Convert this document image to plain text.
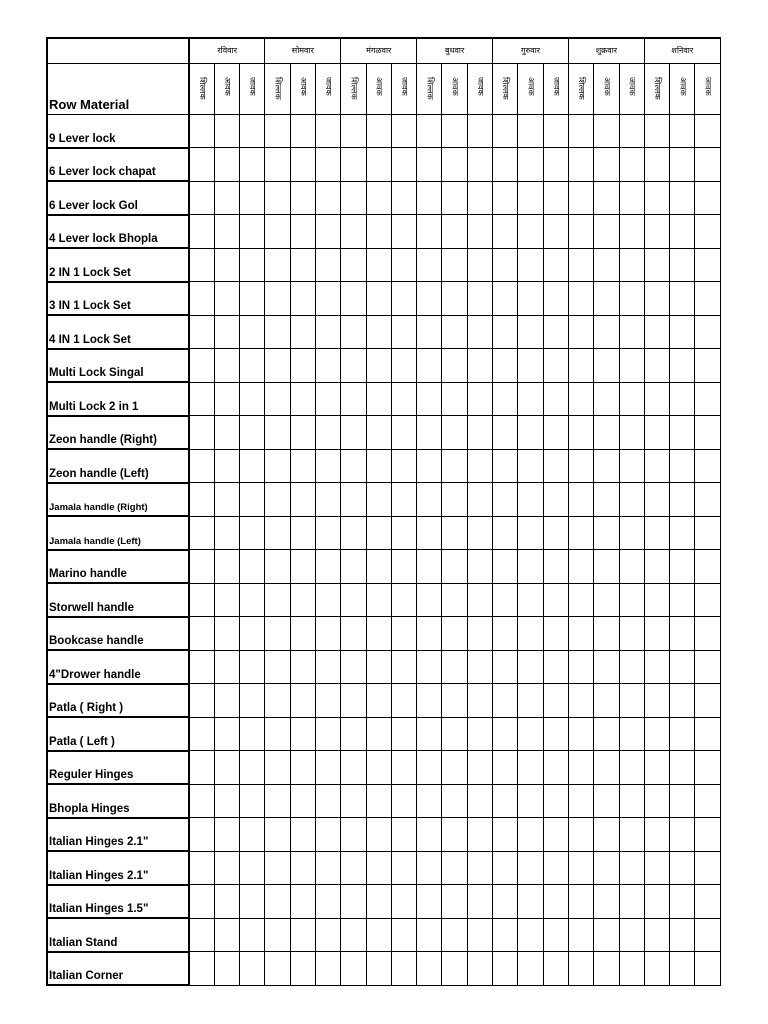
	रविवार			सोमवार			मंगळवार			बुधवार			गुरुवार			शुक्रवार			शनिवार		
Row Material	शिल्लक	आवक	जावक	शिल्लक	आवक	जावक	शिल्लक	आवक	जावक	शिल्लक	आवक	जावक	शिल्लक	आवक	जावक	शिल्लक	आवक	जावक	शिल्लक	आवक	जावक
9 Lever lock																					
6 Lever lock chapat																					
6 Lever lock Gol																					
4 Lever lock Bhopla																					
2 IN 1 Lock Set																					
3 IN 1 Lock Set																					
4 IN 1 Lock Set																					
Multi Lock Singal																					
Multi Lock 2 in 1																					
Zeon handle (Right)																					
Zeon handle (Left)																					
Jamala handle (Right)																					
Jamala handle (Left)																					
Marino handle																					
Storwell handle																					
Bookcase handle																					
4"Drower handle																					
Patla ( Right )																					
Patla ( Left )																					
Reguler Hinges																					
Bhopla Hinges																					
Italian Hinges 2.1"																					
Italian Hinges 2.1"																					
Italian Hinges 1.5"																					
Italian Stand																					
Italian Corner																					
